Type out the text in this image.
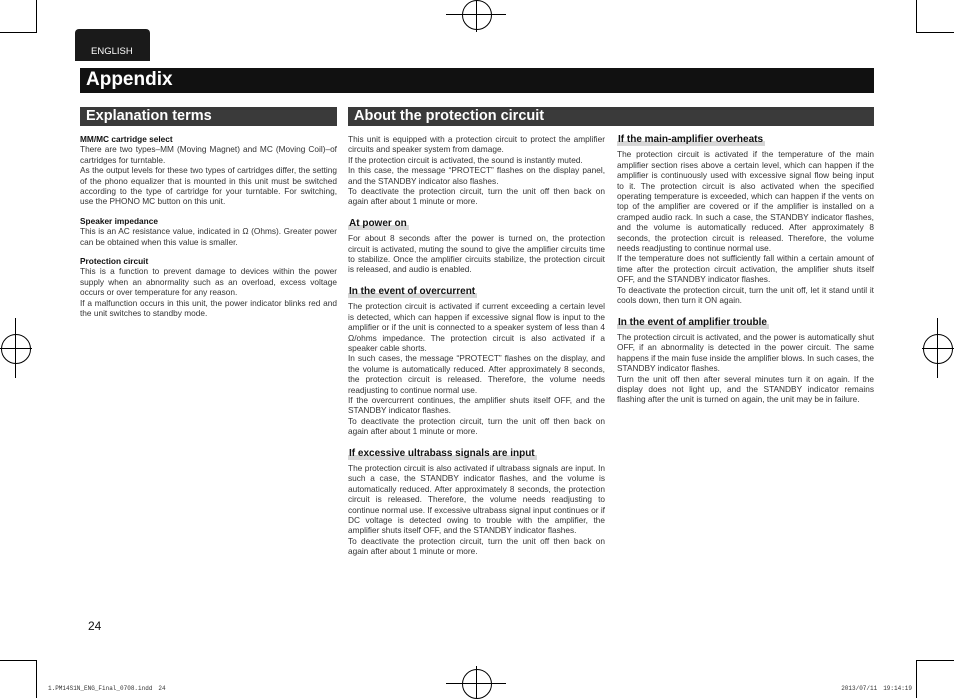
ENGLISH
Appendix
Explanation terms	About the protection circuit

MM/MC cartridge select

There are two types–MM (Moving Magnet) and MC (Moving Coil)–of cartridges for turntable.

As the output levels for these two types of cartridges differ, the setting of the phono equalizer that is mounted in this unit must be switched according to the type of cartridge for your turntable. For switching, use the PHONO MC button on this unit.

Speaker impedance

This is an AC resistance value, indicated in Ω (Ohms). Greater power can be obtained when this value is smaller.

Protection circuit

This is a function to prevent damage to devices within the power supply when an abnormality such as an overload, excess voltage occurs or over temperature for any reason.

If a malfunction occurs in this unit, the power indicator blinks red and the unit switches to standby mode.

This unit is equipped with a protection circuit to protect the amplifier circuits and speaker system from damage.

If the protection circuit is activated, the sound is instantly muted.

In this case, the message “PROTECT” flashes on the display panel, and the STANDBY indicator also flashes.

To deactivate the protection circuit, turn the unit off then back on again after about 1 minute or more.

At power on

For about 8 seconds after the power is turned on, the protection circuit is activated, muting the sound to give the amplifier circuits time to stabilize. Once the amplifier circuits stabilize, the protection circuit is released, and audio is enabled.

In the event of overcurrent

The protection circuit is activated if current exceeding a certain level is detected, which can happen if excessive signal flow is input to the amplifier or if the unit is connected to a speaker system of less than 4 Ω/ohms impedance. The protection circuit is also activated if a speaker cable shorts.

In such cases, the message “PROTECT” flashes on the display, and the volume is automatically reduced. After approximately 8 seconds, the protection circuit is released. Therefore, the volume needs readjusting to continue normal use.

If the overcurrent continues, the amplifier shuts itself OFF, and the STANDBY indicator flashes.

To deactivate the protection circuit, turn the unit off then back on again after about 1 minute or more.

If excessive ultrabass signals are input

The protection circuit is also activated if ultrabass signals are input. In such a case, the STANDBY indicator flashes, and the volume is automatically reduced. After approximately 8 seconds, the protection circuit is released. Therefore, the volume needs readjusting to continue normal use. If excessive ultrabass signal input continues or if DC voltage is detected owing to trouble with the amplifier, the amplifier shuts itself OFF, and the STANDBY indicator flashes.

To deactivate the protection circuit, turn the unit off then back on again after about 1 minute or more.

If the main-amplifier overheats

The protection circuit is activated if the temperature of the main amplifier section rises above a certain level, which can happen if the amplifier is continuously used with excessive signal flow being input to it. The protection circuit is also activated when the specified operating temperature is exceeded, which can happen if the vents on top of the amplifier are covered or if the amplifier is installed on a cramped audio rack. In such a case, the STANDBY indicator flashes, and the volume is automatically reduced. After approximately 8 seconds, the protection circuit is released. Therefore, the volume needs readjusting to continue normal use.

If the temperature does not sufficiently fall within a certain amount of time after the protection circuit activation, the amplifier shuts itself OFF, and the STANDBY indicator flashes.

To deactivate the protection circuit, turn the unit off, let it stand until it cools down, then turn it ON again.

In the event of amplifier trouble

The protection circuit is activated, and the power is automatically shut OFF, if an abnormality is detected in the power circuit. The same happens if the main fuse inside the amplifier blows. In such cases, the STANDBY indicator flashes.

Turn the unit off then after several minutes turn it on again. If the display does not light up, and the STANDBY indicator remains flashing after the unit is turned on again, the unit may be in failure.

24
1.PM14S1N_ENG_Final_0708.indd　24	2013/07/11　19:14:19
